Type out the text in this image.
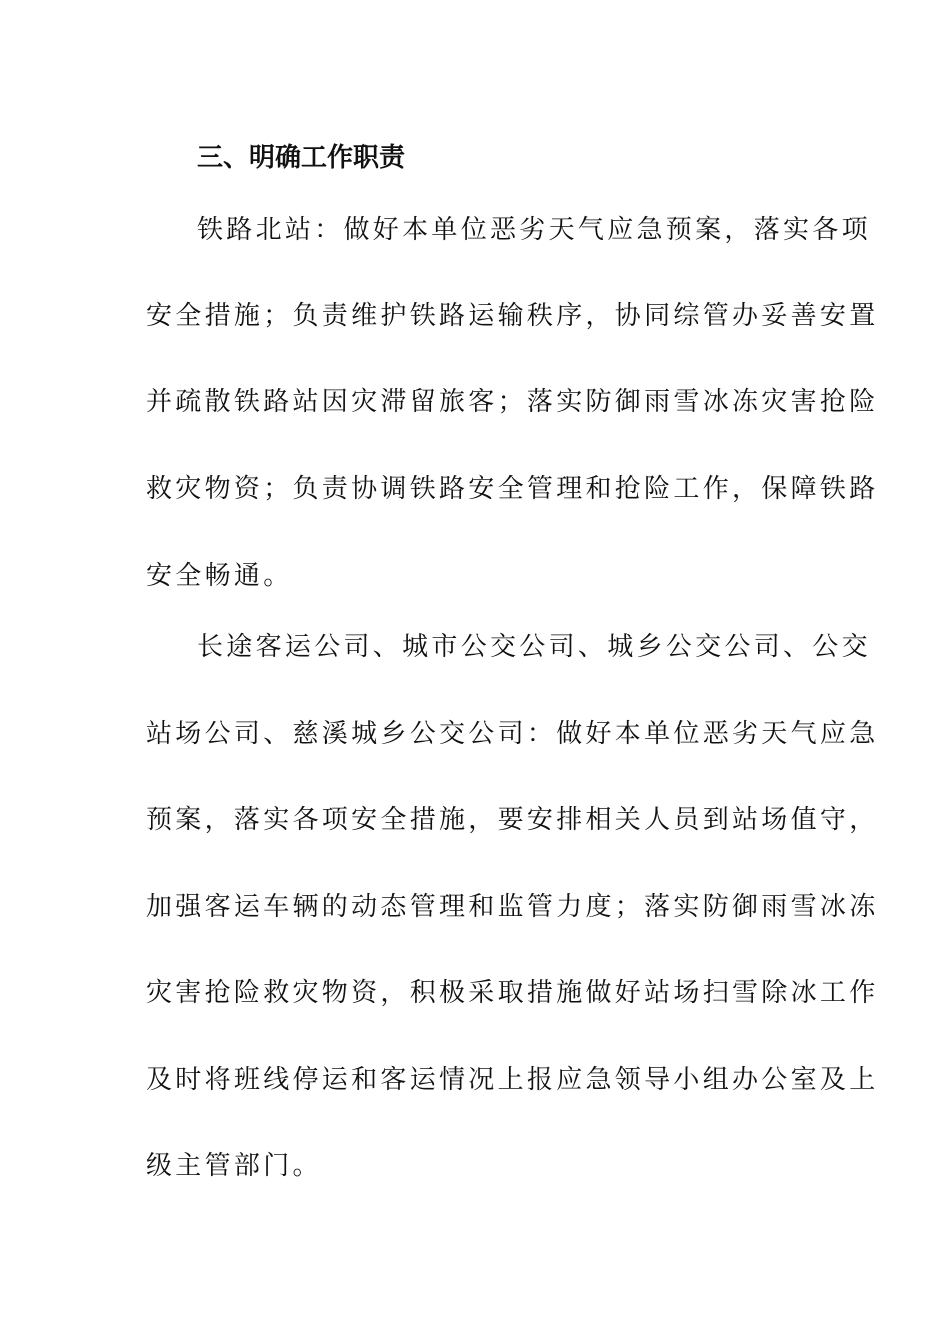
三、明确工作职责
铁路北站：做好本单位恶劣天气应急预案，落实各项
安全措施；负责维护铁路运输秩序，协同综管办妥善安置
并疏散铁路站因灾滞留旅客；落实防御雨雪冰冻灾害抢险
救灾物资；负责协调铁路安全管理和抢险工作，保障铁路
安全畅通。
长途客运公司、城市公交公司、城乡公交公司、公交
站场公司、慈溪城乡公交公司：做好本单位恶劣天气应急
预案，落实各项安全措施，要安排相关人员到站场值守，
加强客运车辆的动态管理和监管力度；落实防御雨雪冰冻
灾害抢险救灾物资，积极采取措施做好站场扫雪除冰工作
及时将班线停运和客运情况上报应急领导小组办公室及上
级主管部门。
